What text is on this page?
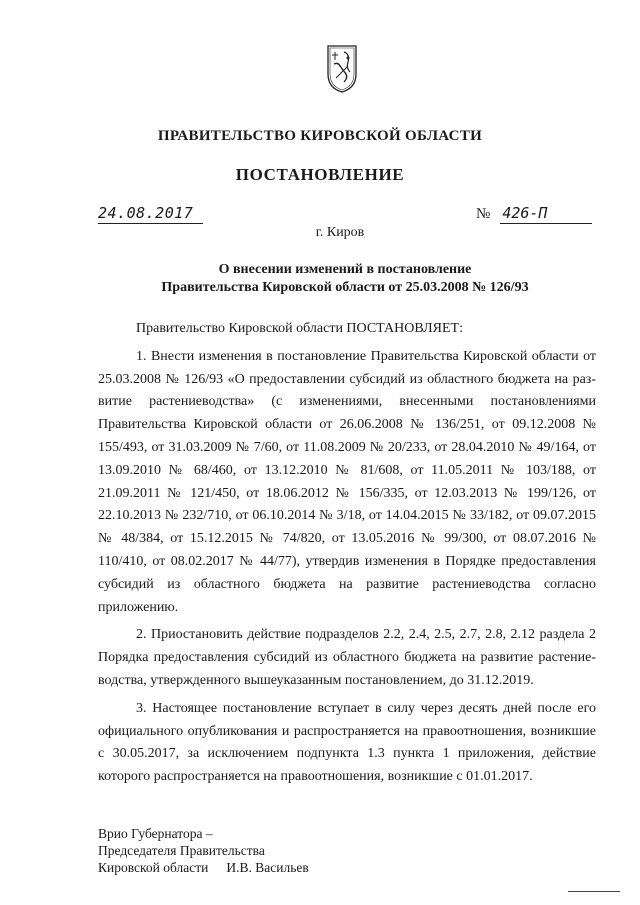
ПРАВИТЕЛЬСТВО КИРОВСКОЙ ОБЛАСТИ
ПОСТАНОВЛЕНИЕ
24.08.2017	№ 426-П
г. Киров
О внесении изменений в постановление
Правительства Кировской области от 25.03.2008 № 126/93

Правительство Кировской области ПОСТАНОВЛЯЕТ:

1. Внести изменения в постановление Правительства Кировской области от 25.03.2008 № 126/93 «О предоставлении субсидий из областного бюджета на развитие растениеводства» (с изменениями, внесенными постановлениями Правительства Кировской области от 26.06.2008 № 136/251, от 09.12.2008 № 155/493, от 31.03.2009 № 7/60, от 11.08.2009 № 20/233, от 28.04.2010 № 49/164, от 13.09.2010 № 68/460, от 13.12.2010 № 81/608, от 11.05.2011 № 103/188, от 21.09.2011 № 121/450, от 18.06.2012 № 156/335, от 12.03.2013 № 199/126, от 22.10.2013 № 232/710, от 06.10.2014 № 3/18, от 14.04.2015 № 33/182, от 09.07.2015 № 48/384, от 15.12.2015 № 74/820, от 13.05.2016 № 99/300, от 08.07.2016 № 110/410, от 08.02.2017 № 44/77), утвердив изменения в Порядке предоставления субсидий из областного бюджета на развитие растениеводства согласно приложению.

2. Приостановить действие подразделов 2.2, 2.4, 2.5, 2.7, 2.8, 2.12 раздела 2 Порядка предоставления субсидий из областного бюджета на развитие растениеводства, утвержденного вышеуказанным постановлением, до 31.12.2019.

3. Настоящее постановление вступает в силу через десять дней после его официального опубликования и распространяется на правоотношения, возникшие с 30.05.2017, за исключением подпункта 1.3 пункта 1 приложения, действие которого распространяется на правоотношения, возникшие с 01.01.2017.

Врио Губернатора –
Председателя Правительства
Кировской области И.В. Васильев
